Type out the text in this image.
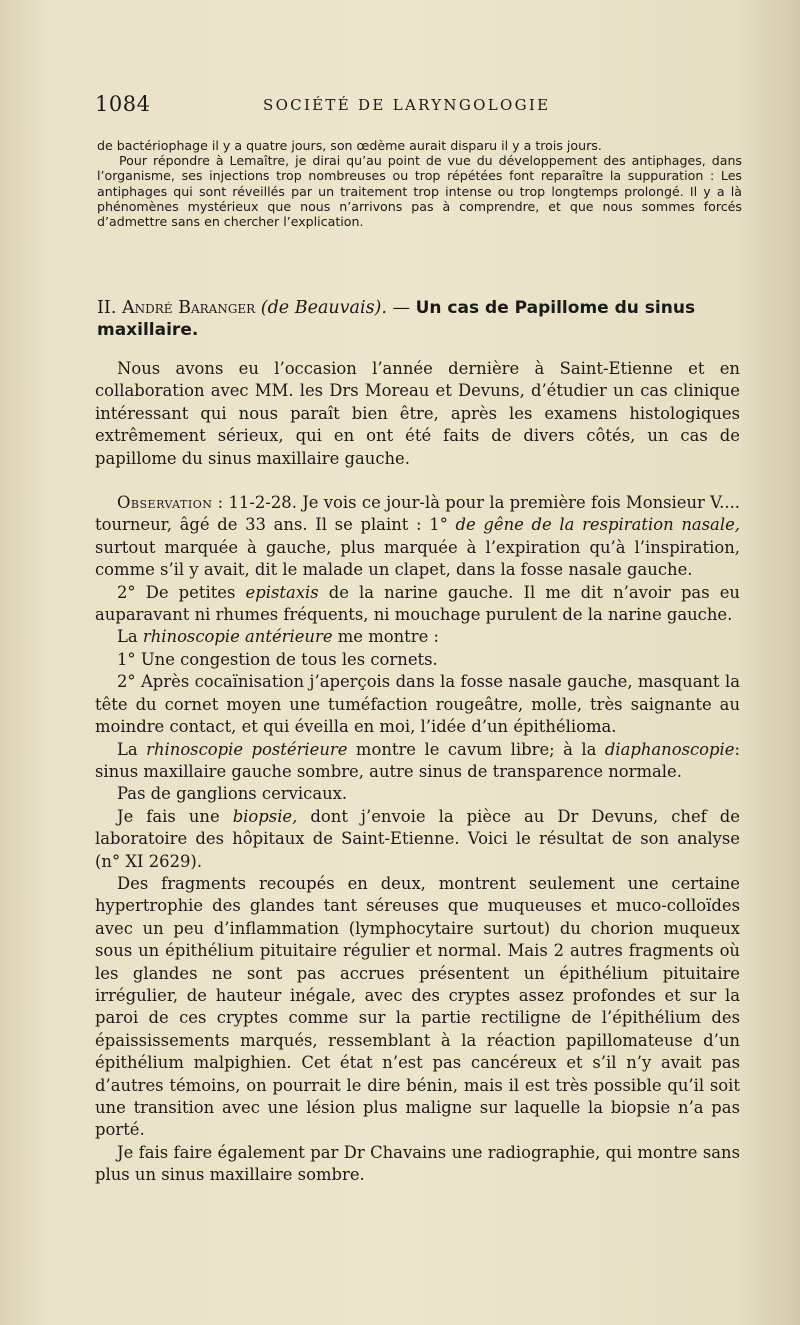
1084	SOCIÉTÉ DE LARYNGOLOGIE

de bactériophage il y a quatre jours, son œdème aurait disparu il y a trois jours.

Pour répondre à Lemaître, je dirai qu’au point de vue du développement des antiphages, dans l’organisme, ses injections trop nombreuses ou trop répétées font reparaître la suppuration : Les antiphages qui sont réveillés par un traitement trop intense ou trop longtemps prolongé. Il y a là phénomènes mystérieux que nous n’arrivons pas à comprendre, et que nous sommes forcés d’admettre sans en chercher l’explication.

II. André Baranger (de Beauvais). — Un cas de Papillome du sinus maxillaire.

Nous avons eu l’occasion l’année dernière à Saint-Etienne et en collaboration avec MM. les Drs Moreau et Devuns, d’étudier un cas clinique intéressant qui nous paraît bien être, après les examens histologiques extrêmement sérieux, qui en ont été faits de divers côtés, un cas de papillome du sinus maxillaire gauche.

Observation : 11-2-28. Je vois ce jour-là pour la première fois Monsieur V.... tourneur, âgé de 33 ans. Il se plaint : 1° de gêne de la respiration nasale, surtout marquée à gauche, plus marquée à l’expiration qu’à l’inspiration, comme s’il y avait, dit le malade un clapet, dans la fosse nasale gauche.

2° De petites epistaxis de la narine gauche. Il me dit n’avoir pas eu auparavant ni rhumes fréquents, ni mouchage purulent de la narine gauche.

La rhinoscopie antérieure me montre :

1° Une congestion de tous les cornets.

2° Après cocaïnisation j’aperçois dans la fosse nasale gauche, masquant la tête du cornet moyen une tuméfaction rougeâtre, molle, très saignante au moindre contact, et qui éveilla en moi, l’idée d’un épithélioma.

La rhinoscopie postérieure montre le cavum libre; à la diaphanoscopie: sinus maxillaire gauche sombre, autre sinus de transparence normale.

Pas de ganglions cervicaux.

Je fais une biopsie, dont j’envoie la pièce au Dr Devuns, chef de laboratoire des hôpitaux de Saint-Etienne. Voici le résultat de son analyse (n° XI 2629).

Des fragments recoupés en deux, montrent seulement une certaine hypertrophie des glandes tant séreuses que muqueuses et muco-colloïdes avec un peu d’inflammation (lymphocytaire surtout) du chorion muqueux sous un épithélium pituitaire régulier et normal. Mais 2 autres fragments où les glandes ne sont pas accrues présentent un épithélium pituitaire irrégulier, de hauteur inégale, avec des cryptes assez profondes et sur la paroi de ces cryptes comme sur la partie rectiligne de l’épithélium des épaississements marqués, ressemblant à la réaction papillomateuse d’un épithélium malpighien. Cet état n’est pas cancéreux et s’il n’y avait pas d’autres témoins, on pourrait le dire bénin, mais il est très possible qu’il soit une transition avec une lésion plus maligne sur laquelle la biopsie n’a pas porté.

Je fais faire également par Dr Chavains une radiographie, qui montre sans plus un sinus maxillaire sombre.
